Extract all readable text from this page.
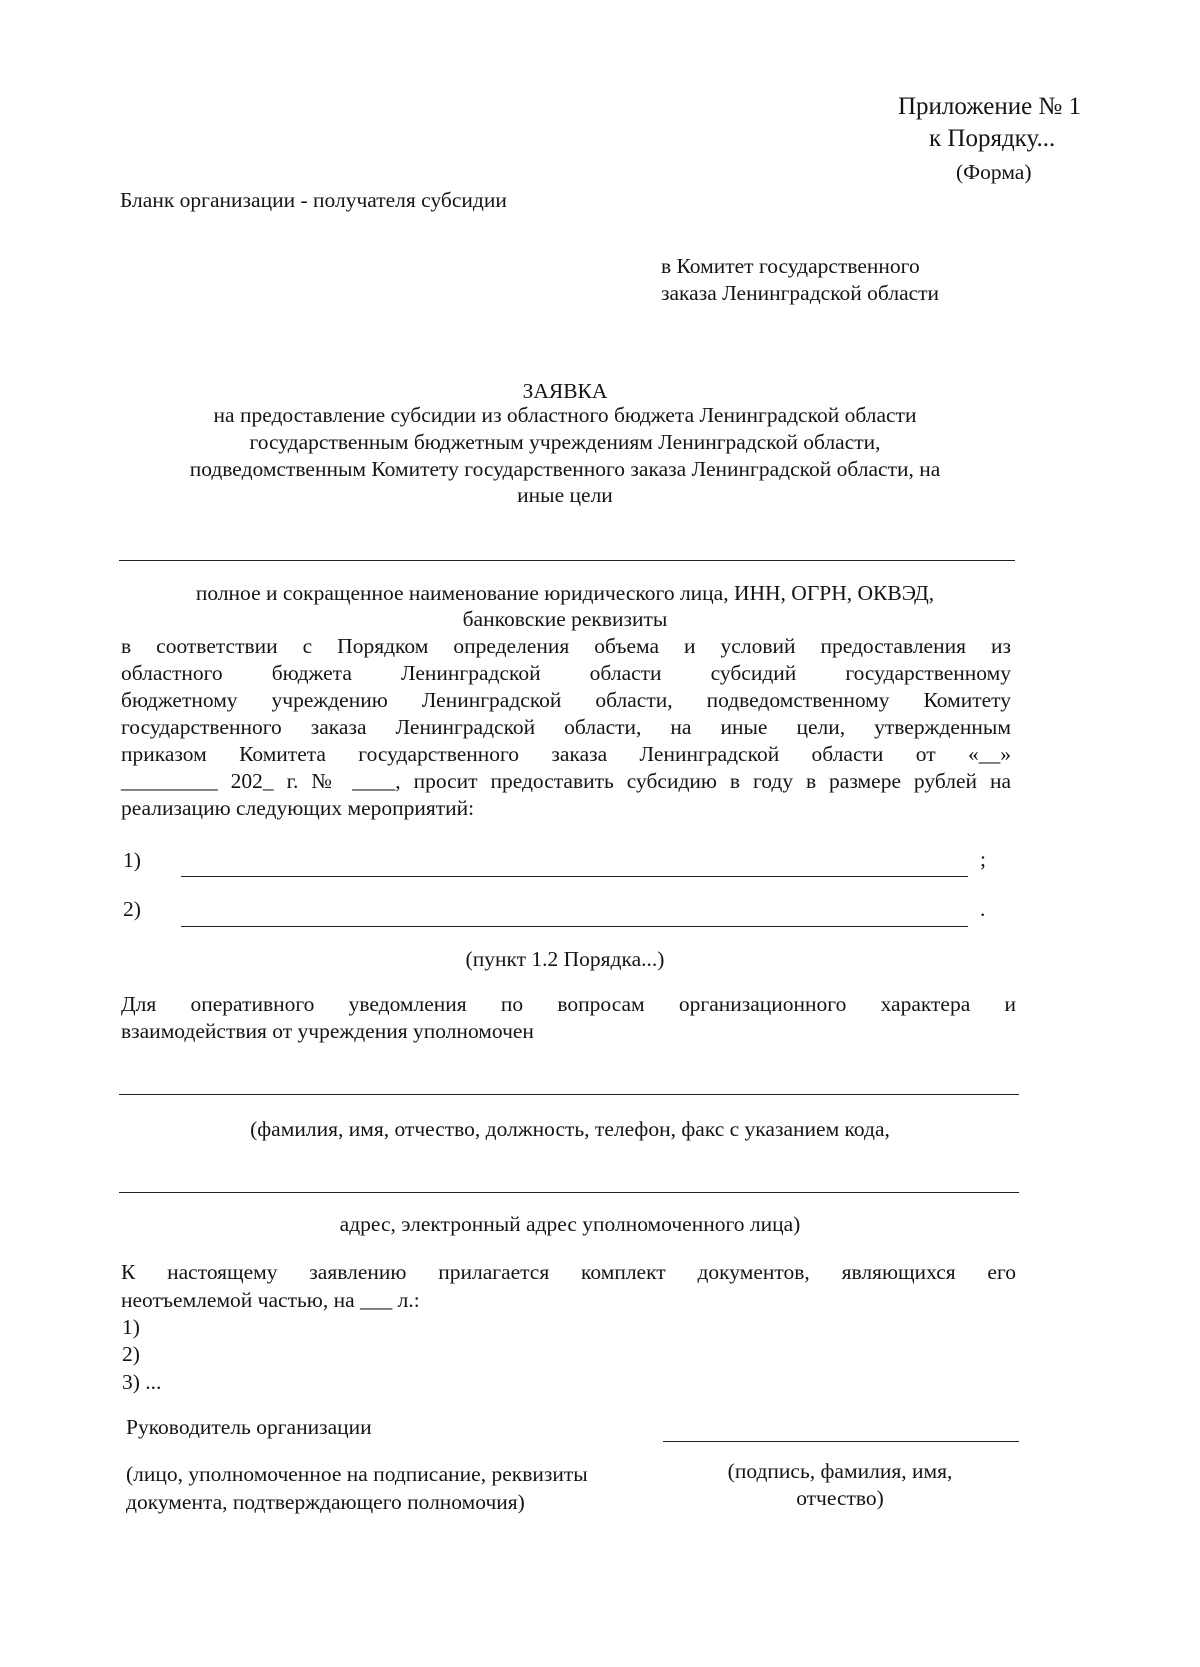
Приложение № 1
к Порядку...
(Форма)
Бланк организации - получателя субсидии
в Комитет государственного
заказа Ленинградской области
ЗАЯВКА
на предоставление субсидии из областного бюджета Ленинградской области
государственным бюджетным учреждениям Ленинградской области,
подведомственным Комитету государственного заказа Ленинградской области, на
иные цели
полное и сокращенное наименование юридического лица, ИНН, ОГРН, ОКВЭД,
банковские реквизиты
в соответствии с Порядком определения объема и условий предоставления из
областного бюджета Ленинградской области субсидий государственному
бюджетному учреждению Ленинградской области, подведомственному Комитету
государственного заказа Ленинградской области, на иные цели, утвержденным
приказом Комитета государственного заказа Ленинградской области от «__»
_________ 202_ г. № ____, просит предоставить субсидию в году в размере рублей на
реализацию следующих мероприятий:
1)	;
2)	.
(пункт 1.2 Порядка...)
Для оперативного уведомления по вопросам организационного характера и
взаимодействия от учреждения уполномочен
(фамилия, имя, отчество, должность, телефон, факс с указанием кода,
адрес, электронный адрес уполномоченного лица)
К настоящему заявлению прилагается комплект документов, являющихся его
неотъемлемой частью, на ___ л.:
1)
2)
3) ...
Руководитель организации
(лицо, уполномоченное на подписание, реквизиты
документа, подтверждающего полномочия)
(подпись, фамилия, имя,
отчество)
